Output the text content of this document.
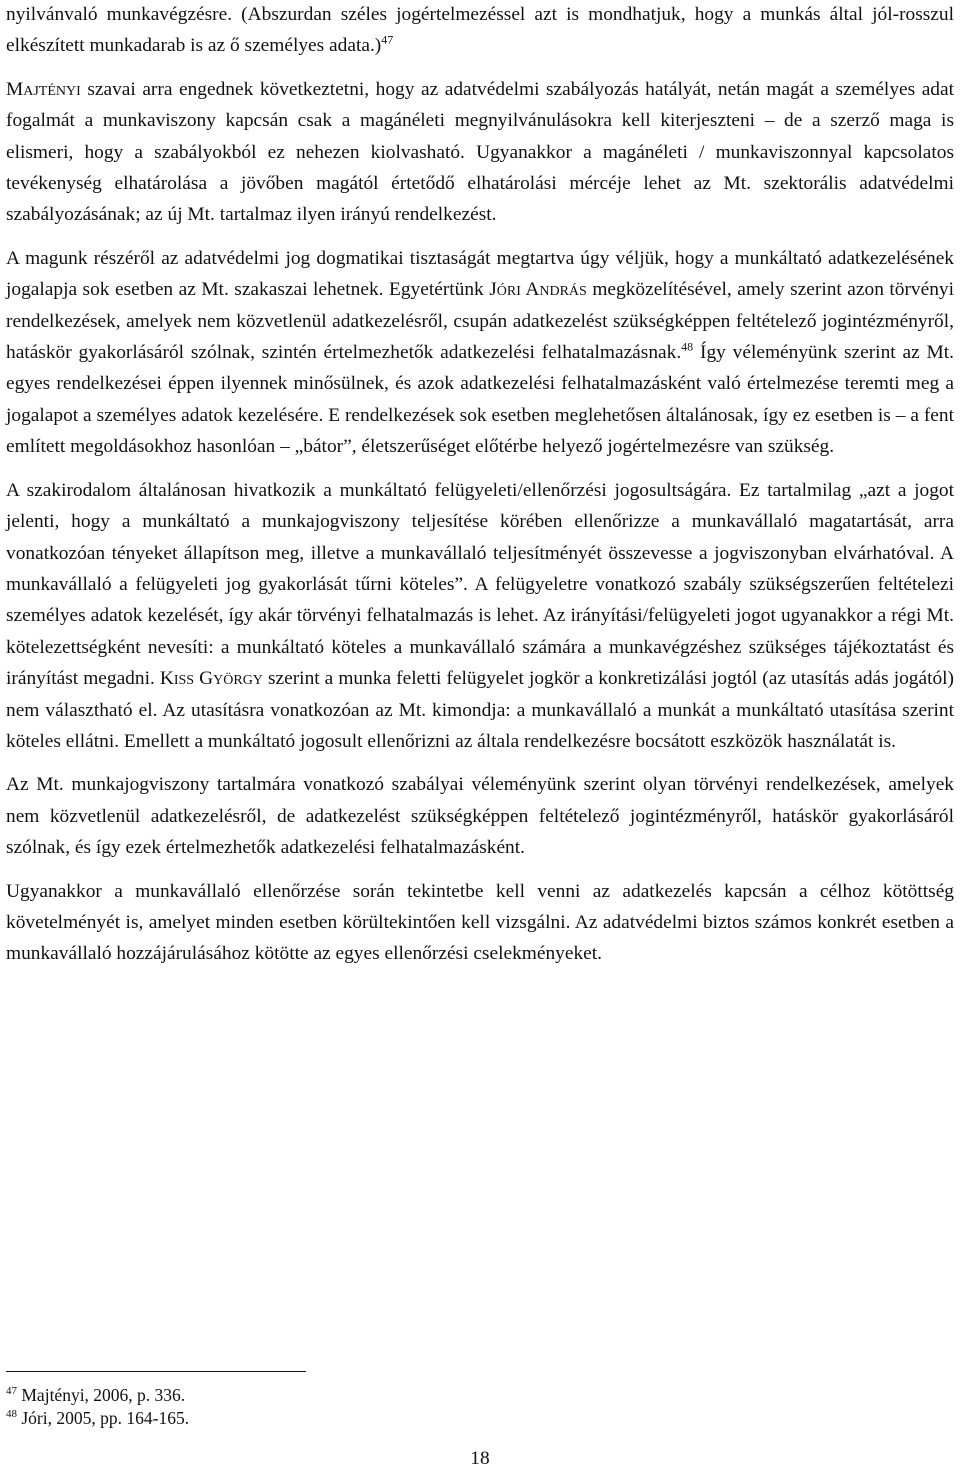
nyilvánvaló munkavégzésre. (Abszurdan széles jogértelmezéssel azt is mondhatjuk, hogy a munkás által jól-rosszul elkészített munkadarab is az ő személyes adata.)$^{47}$

Majtényi szavai arra engednek következtetni, hogy az adatvédelmi szabályozás hatályát, netán magát a személyes adat fogalmát a munkaviszony kapcsán csak a magánéleti megnyilvánulásokra kell kiterjeszteni – de a szerző maga is elismeri, hogy a szabályokból ez nehezen kiolvasható. Ugyanakkor a magánéleti / munkaviszonnyal kapcsolatos tevékenység elhatárolása a jövőben magától értetődő elhatárolási mércéje lehet az Mt. szektorális adatvédelmi szabályozásának; az új Mt. tartalmaz ilyen irányú rendelkezést.

A magunk részéről az adatvédelmi jog dogmatikai tisztaságát megtartva úgy véljük, hogy a munkáltató adatkezelésének jogalapja sok esetben az Mt. szakaszai lehetnek. Egyetértünk Jóri András megközelítésével, amely szerint azon törvényi rendelkezések, amelyek nem közvetlenül adatkezelésről, csupán adatkezelést szükségképpen feltételező jogintézményről, hatáskör gyakorlásáról szólnak, szintén értelmezhetők adatkezelési felhatalmazásnak.$^{48}$ Így véleményünk szerint az Mt. egyes rendelkezései éppen ilyennek minősülnek, és azok adatkezelési felhatalmazásként való értelmezése teremti meg a jogalapot a személyes adatok kezelésére. E rendelkezések sok esetben meglehetősen általánosak, így ez esetben is – a fent említett megoldásokhoz hasonlóan – „bátor”, életszerűséget előtérbe helyező jogértelmezésre van szükség.

A szakirodalom általánosan hivatkozik a munkáltató felügyeleti/ellenőrzési jogosultságára. Ez tartalmilag „azt a jogot jelenti, hogy a munkáltató a munkajogviszony teljesítése körében ellenőrizze a munkavállaló magatartását, arra vonatkozóan tényeket állapítson meg, illetve a munkavállaló teljesítményét összevesse a jogviszonyban elvárhatóval. A munkavállaló a felügyeleti jog gyakorlását tűrni köteles”. A felügyeletre vonatkozó szabály szükségszerűen feltételezi személyes adatok kezelését, így akár törvényi felhatalmazás is lehet. Az irányítási/felügyeleti jogot ugyanakkor a régi Mt. kötelezettségként nevesíti: a munkáltató köteles a munkavállaló számára a munkavégzéshez szükséges tájékoztatást és irányítást megadni. Kiss György szerint a munka feletti felügyelet jogkör a konkretizálási jogtól (az utasítás adás jogától) nem választható el. Az utasításra vonatkozóan az Mt. kimondja: a munkavállaló a munkát a munkáltató utasítása szerint köteles ellátni. Emellett a munkáltató jogosult ellenőrizni az általa rendelkezésre bocsátott eszközök használatát is.

Az Mt. munkajogviszony tartalmára vonatkozó szabályai véleményünk szerint olyan törvényi rendelkezések, amelyek nem közvetlenül adatkezelésről, de adatkezelést szükségképpen feltételező jogintézményről, hatáskör gyakorlásáról szólnak, és így ezek értelmezhetők adatkezelési felhatalmazásként.

Ugyanakkor a munkavállaló ellenőrzése során tekintetbe kell venni az adatkezelés kapcsán a célhoz kötöttség követelményét is, amelyet minden esetben körültekintően kell vizsgálni. Az adatvédelmi biztos számos konkrét esetben a munkavállaló hozzájárulásához kötötte az egyes ellenőrzési cselekményeket.

$^{47}$ Majtényi, 2006, p. 336.
$^{48}$ Jóri, 2005, pp. 164-165.
18
